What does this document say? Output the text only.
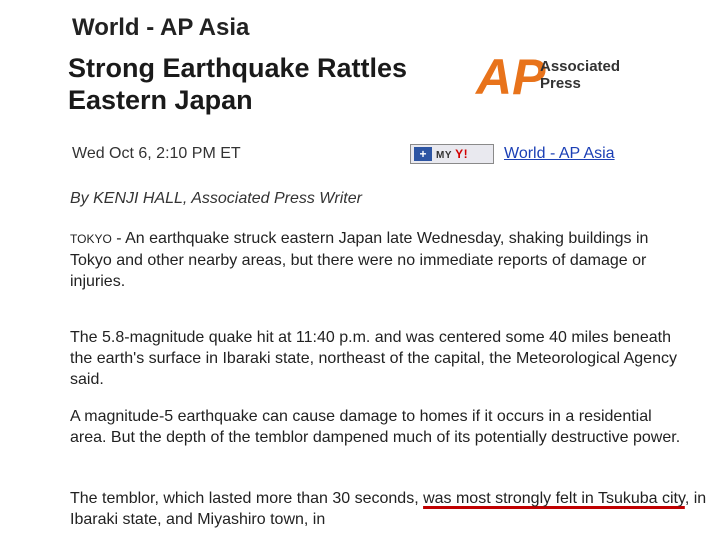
World - AP Asia
Strong Earthquake Rattles Eastern Japan	AP
Associated
Press
Wed Oct 6, 2:10 PM ET	+ MY Y! World - AP Asia
By KENJI HALL, Associated Press Writer

TOKYO - An earthquake struck eastern Japan late Wednesday, shaking buildings in Tokyo and other nearby areas, but there were no immediate reports of damage or injuries.

The 5.8-magnitude quake hit at 11:40 p.m. and was centered some 40 miles beneath the earth's surface in Ibaraki state, northeast of the capital, the Meteorological Agency said.

A magnitude-5 earthquake can cause damage to homes if it occurs in a residential area. But the depth of the temblor dampened much of its potentially destructive power.

The temblor, which lasted more than 30 seconds, was most strongly felt in Tsukuba city, in Ibaraki state, and Miyashiro town, in
